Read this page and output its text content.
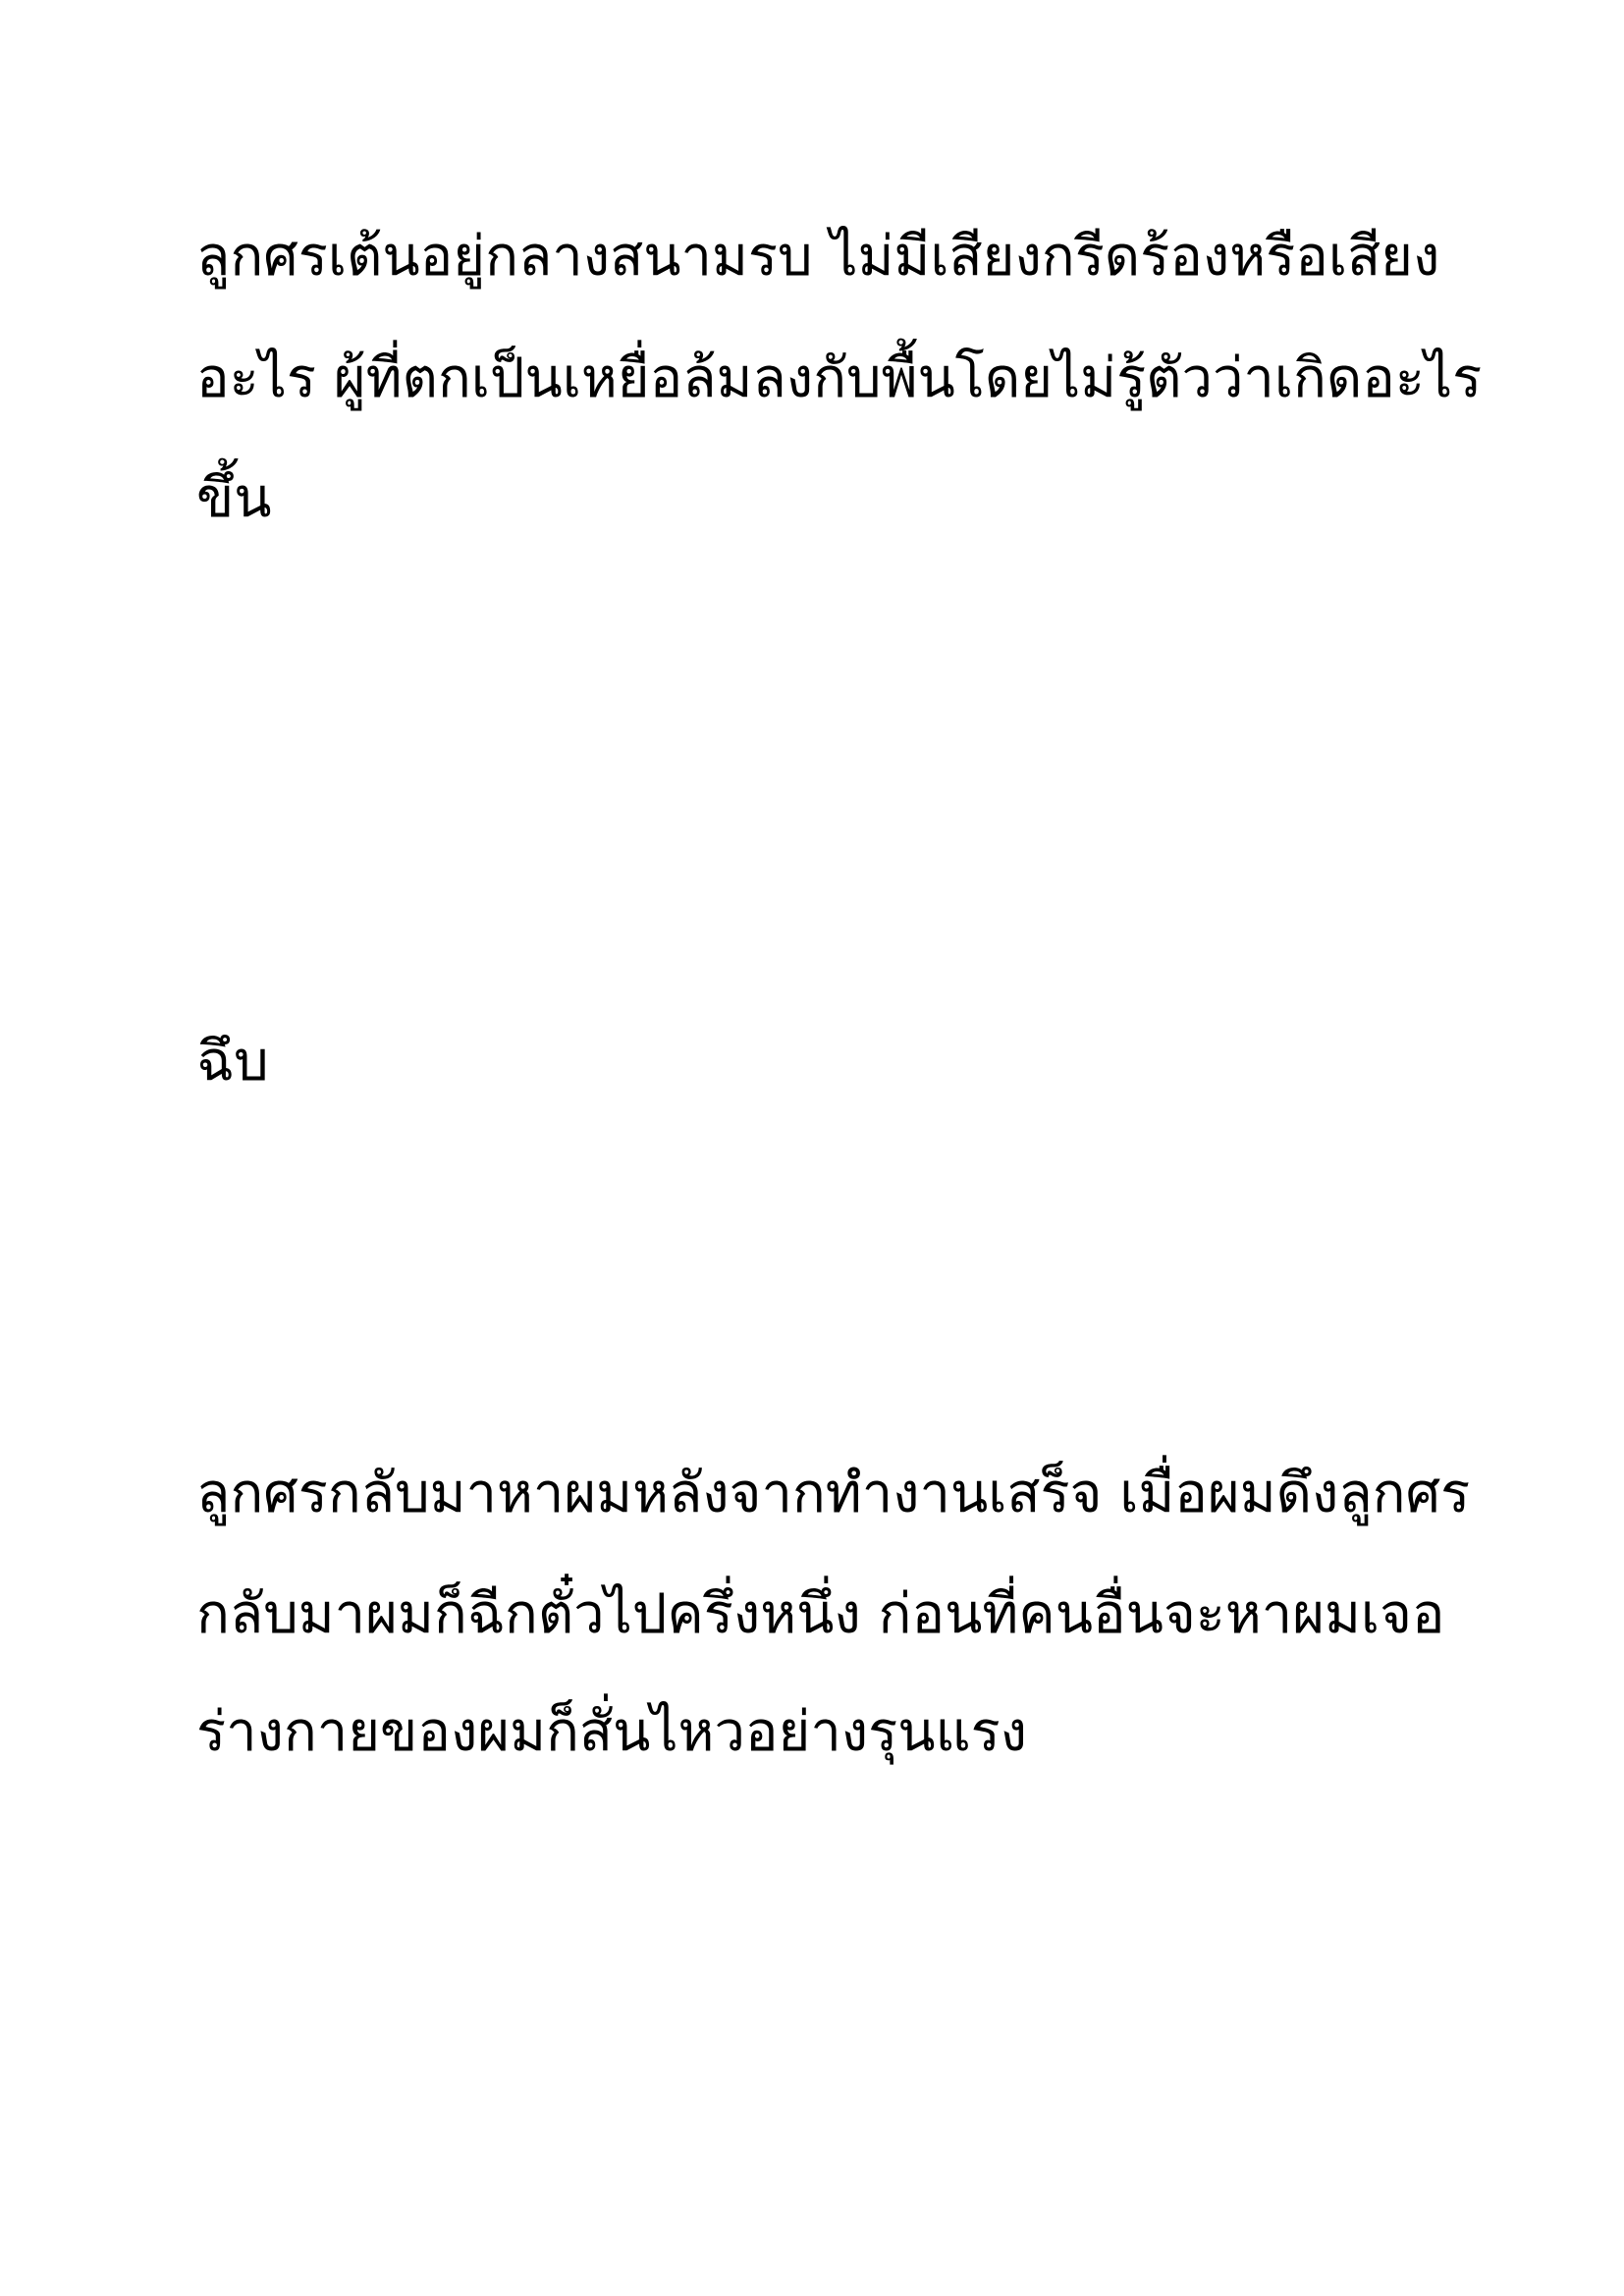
ลูกศรเต้นอยู่กลางสนามรบ ไม่มีเสียงกรีดร้องหรือเสียง

อะไร ผู้ที่ตกเป็นเหยื่อล้มลงกับพื้นโดยไม่รู้ตัวว่าเกิดอะไร

ขึ้น

ฉึบ

ลูกศรกลับมาหาผมหลังจากทำงานเสร็จ เมื่อผมดึงลูกศร

กลับมาผมก็ฉีกตั๋วไปครึ่งหนึ่ง ก่อนที่คนอื่นจะหาผมเจอ

ร่างกายของผมก็สั่นไหวอย่างรุนแรง
